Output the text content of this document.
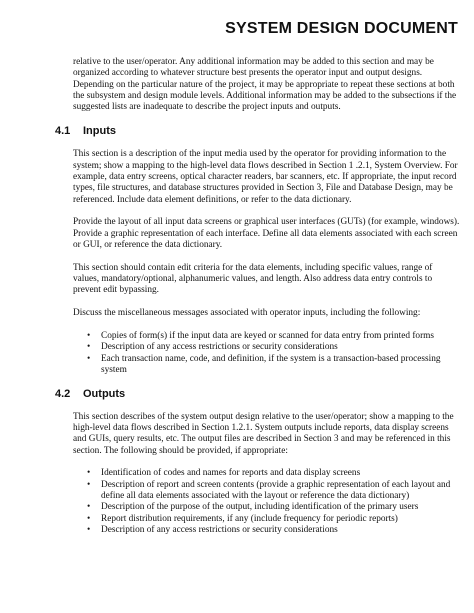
SYSTEM DESIGN DOCUMENT

relative to the user/operator. Any additional information may be added to this section and may be organized according to whatever structure best presents the operator input and output designs. Depending on the particular nature of the project, it may be appropriate to repeat these sections at both the subsystem and design module levels. Additional information may be added to the subsections if the suggested lists are inadequate to describe the project inputs and outputs.

4.1	Inputs

This section is a description of the input media used by the operator for providing information to the system; show a mapping to the high-level data flows described in Section 1 .2.1, System Overview. For example, data entry screens, optical character readers, bar scanners, etc. If appropriate, the input record types, file structures, and database structures provided in Section 3, File and Database Design, may be referenced. Include data element definitions, or refer to the data dictionary.

Provide the layout of all input data screens or graphical user interfaces (GUTs) (for example, windows). Provide a graphic representation of each interface. Define all data elements associated with each screen or GUI, or reference the data dictionary.

This section should contain edit criteria for the data elements, including specific values, range of values, mandatory/optional, alphanumeric values, and length. Also address data entry controls to prevent edit bypassing.

Discuss the miscellaneous messages associated with operator inputs, including the following:

• Copies of form(s) if the input data are keyed or scanned for data entry from printed forms
• Description of any access restrictions or security considerations
• Each transaction name, code, and definition, if the system is a transaction-based processing system
4.2	Outputs

This section describes of the system output design relative to the user/operator; show a mapping to the high-level data flows described in Section 1.2.1. System outputs include reports, data display screens and GUIs, query results, etc. The output files are described in Section 3 and may be referenced in this section. The following should be provided, if appropriate:

• Identification of codes and names for reports and data display screens
• Description of report and screen contents (provide a graphic representation of each layout and define all data elements associated with the layout or reference the data dictionary)
• Description of the purpose of the output, including identification of the primary users
• Report distribution requirements, if any (include frequency for periodic reports)
• Description of any access restrictions or security considerations
